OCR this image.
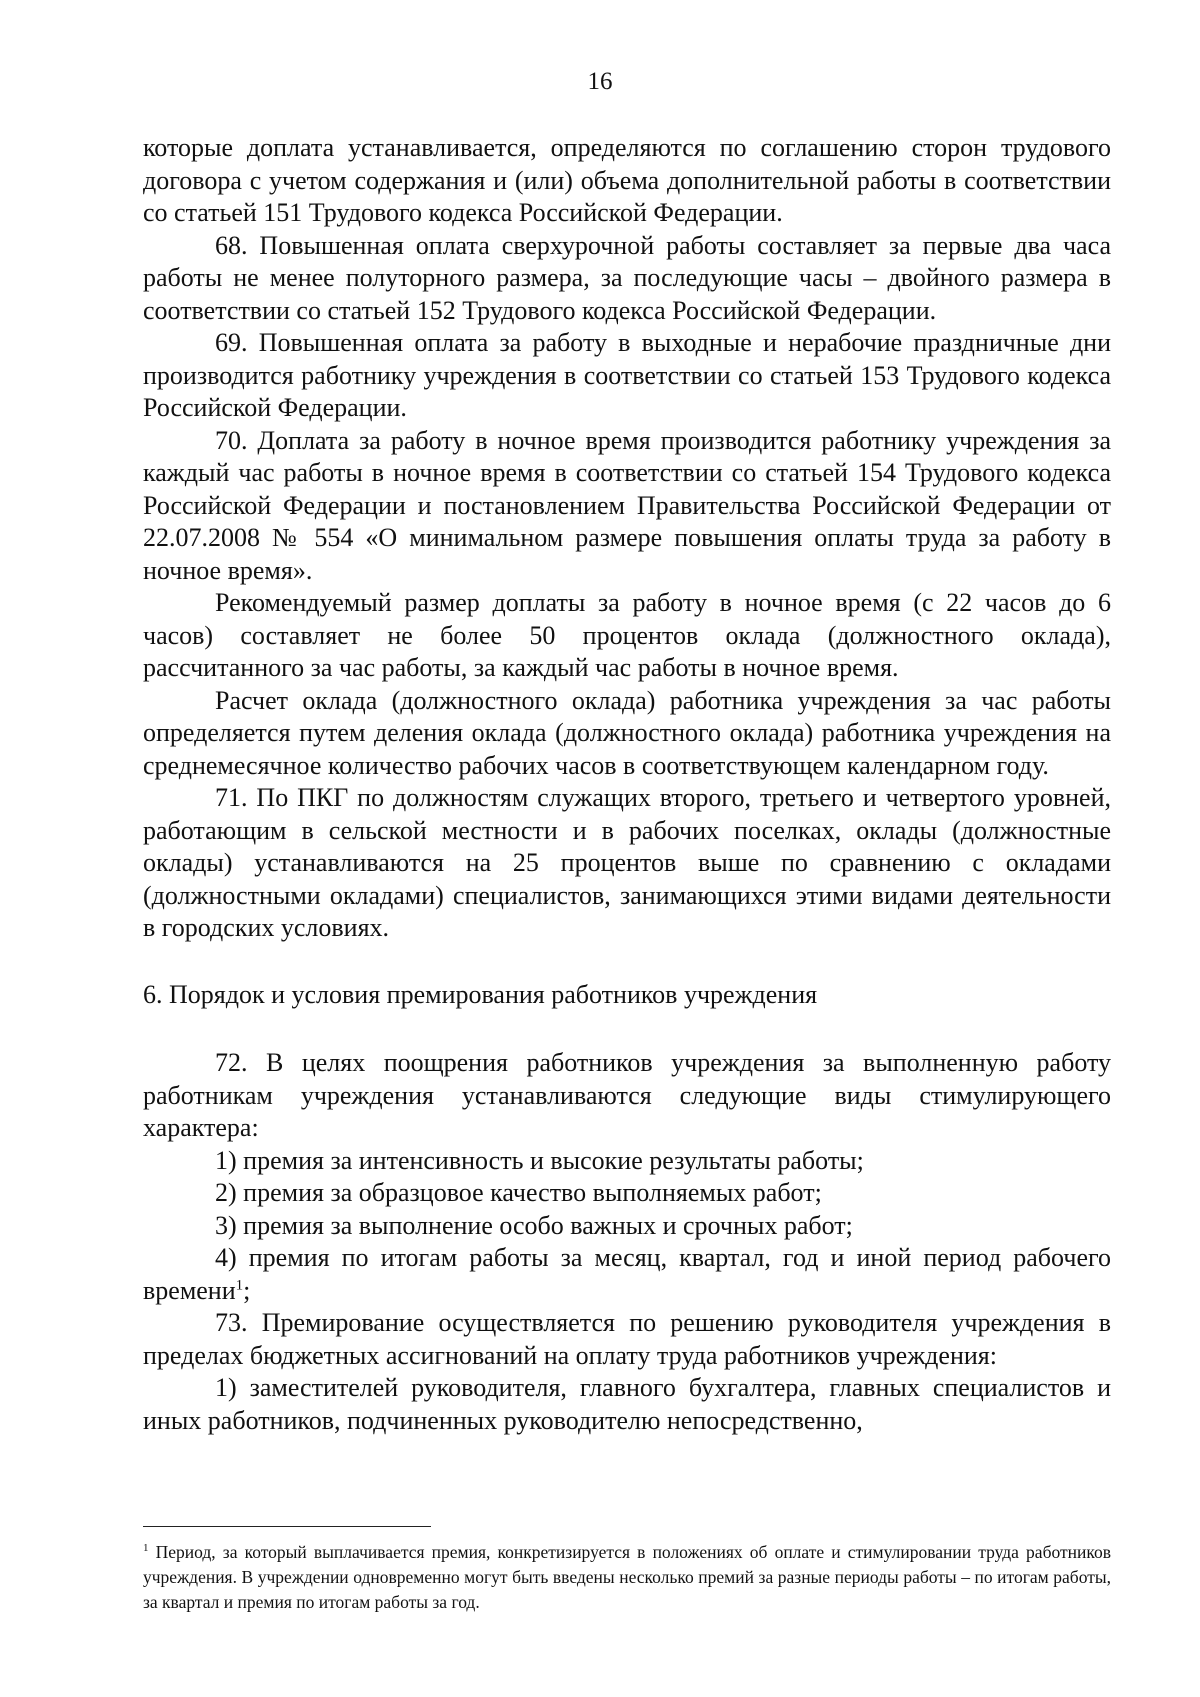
16

которые доплата устанавливается, определяются по соглашению сторон трудового договора с учетом содержания и (или) объема дополнительной работы в соответствии со статьей 151 Трудового кодекса Российской Федерации.

68. Повышенная оплата сверхурочной работы составляет за первые два часа работы не менее полуторного размера, за последующие часы – двойного размера в соответствии со статьей 152 Трудового кодекса Российской Федерации.

69. Повышенная оплата за работу в выходные и нерабочие праздничные дни производится работнику учреждения в соответствии со статьей 153 Трудового кодекса Российской Федерации.

70. Доплата за работу в ночное время производится работнику учреждения за каждый час работы в ночное время в соответствии со статьей 154 Трудового кодекса Российской Федерации и постановлением Правительства Российской Федерации от 22.07.2008 № 554 «О минимальном размере повышения оплаты труда за работу в ночное время».

Рекомендуемый размер доплаты за работу в ночное время (с 22 часов до 6 часов) составляет не более 50 процентов оклада (должностного оклада), рассчитанного за час работы, за каждый час работы в ночное время.

Расчет оклада (должностного оклада) работника учреждения за час работы определяется путем деления оклада (должностного оклада) работника учреждения на среднемесячное количество рабочих часов в соответствующем календарном году.

71. По ПКГ по должностям служащих второго, третьего и четвертого уровней, работающим в сельской местности и в рабочих поселках, оклады (должностные оклады) устанавливаются на 25 процентов выше по сравнению с окладами (должностными окладами) специалистов, занимающихся этими видами деятельности в городских условиях.

6. Порядок и условия премирования работников учреждения

72. В целях поощрения работников учреждения за выполненную работу работникам учреждения устанавливаются следующие виды стимулирующего характера:

1) премия за интенсивность и высокие результаты работы;

2) премия за образцовое качество выполняемых работ;

3) премия за выполнение особо важных и срочных работ;

4) премия по итогам работы за месяц, квартал, год и иной период рабочего времени$^1$;

73. Премирование осуществляется по решению руководителя учреждения в пределах бюджетных ассигнований на оплату труда работников учреждения:

1) заместителей руководителя, главного бухгалтера, главных специалистов и иных работников, подчиненных руководителю непосредственно,

$^1$ Период, за который выплачивается премия, конкретизируется в положениях об оплате и стимулировании труда работников учреждения. В учреждении одновременно могут быть введены несколько премий за разные периоды работы – по итогам работы, за квартал и премия по итогам работы за год.
